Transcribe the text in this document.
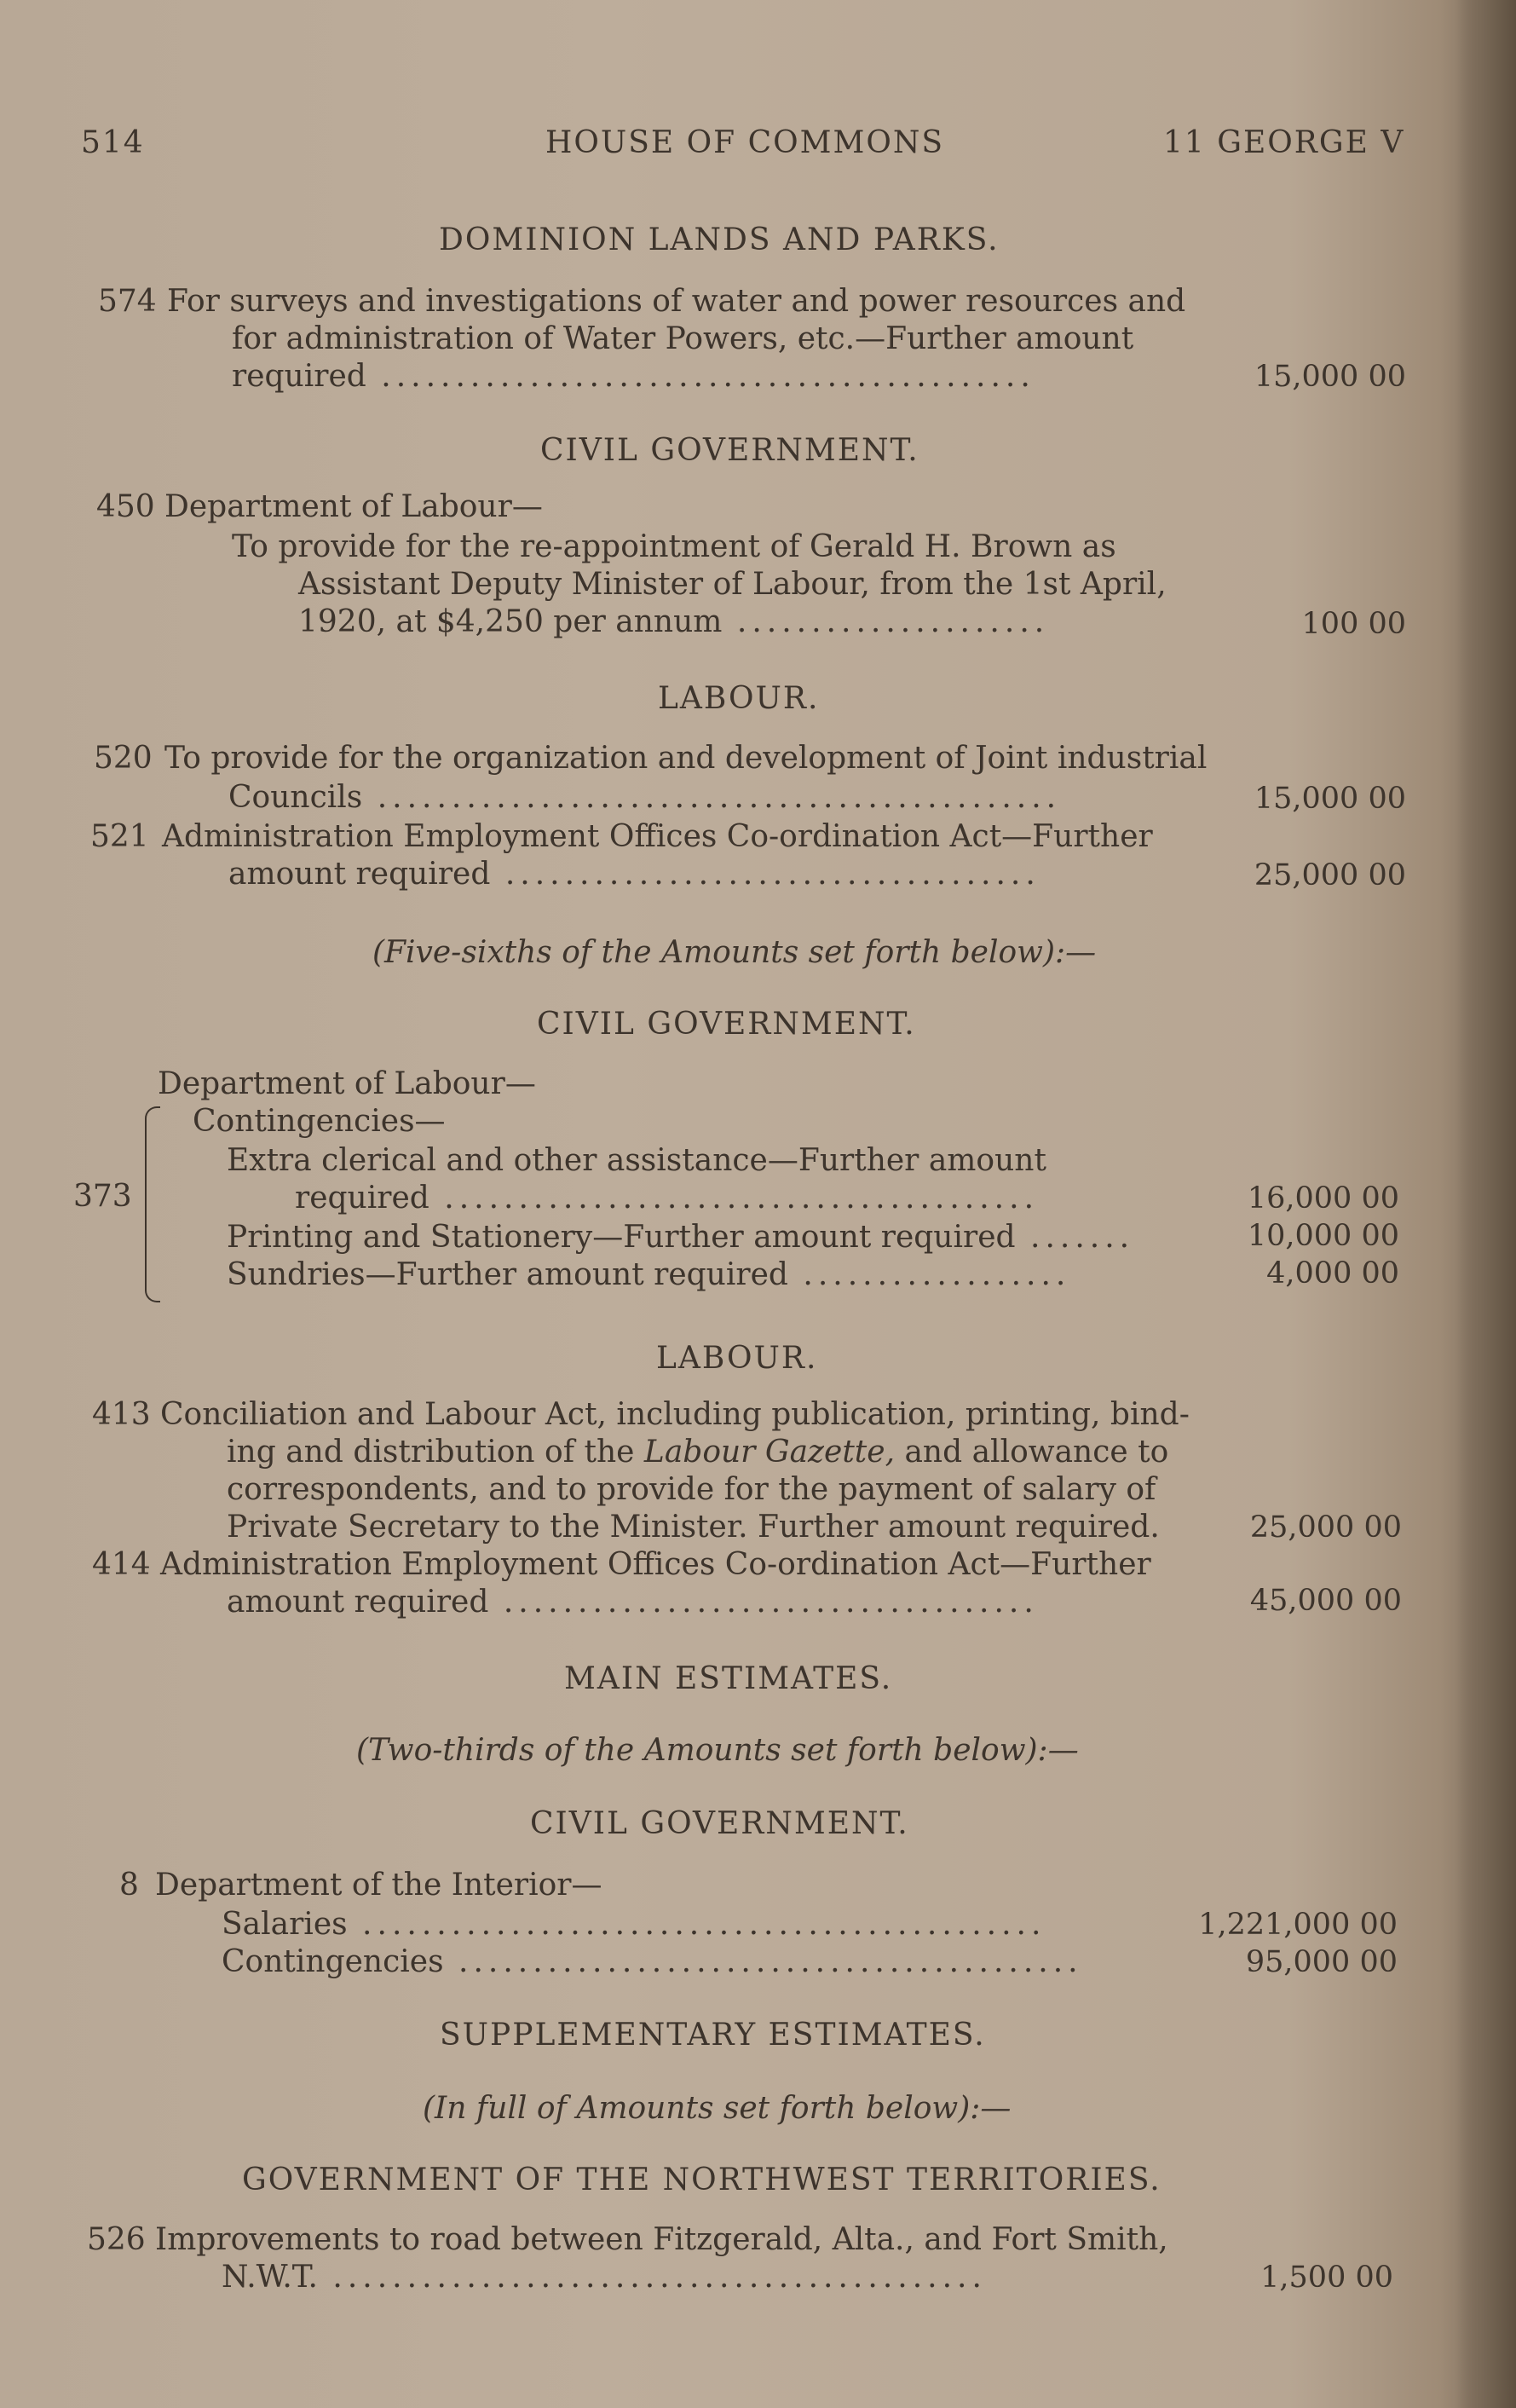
514	HOUSE OF COMMONS	11 GEORGE V
DOMINION LANDS AND PARKS.
574 For surveys and investigations of water and power resources and
for administration of Water Powers, etc.—Further amount
required ............................................	15,000 00
CIVIL GOVERNMENT.
450 Department of Labour—
To provide for the re-appointment of Gerald H. Brown as
Assistant Deputy Minister of Labour, from the 1st April,
1920, at $4,250 per annum .....................	100 00
LABOUR.
520 To provide for the organization and development of Joint industrial
Councils ..............................................	15,000 00
521 Administration Employment Offices Co-ordination Act—Further
amount required ....................................	25,000 00
(Five-sixths of the Amounts set forth below):—
CIVIL GOVERNMENT.
Department of Labour—
373
Contingencies—
Extra clerical and other assistance—Further amount
required ........................................	16,000 00
Printing and Stationery—Further amount required .......	10,000 00
Sundries—Further amount required ..................	4,000 00
LABOUR.
413 Conciliation and Labour Act, including publication, printing, bind-
ing and distribution of the Labour Gazette, and allowance to
correspondents, and to provide for the payment of salary of
Private Secretary to the Minister. Further amount required.	25,000 00
414 Administration Employment Offices Co-ordination Act—Further
amount required ....................................	45,000 00
MAIN ESTIMATES.
(Two-thirds of the Amounts set forth below):—
CIVIL GOVERNMENT.
8 Department of the Interior—
Salaries ..............................................	1,221,000 00
Contingencies ..........................................	95,000 00
SUPPLEMENTARY ESTIMATES.
(In full of Amounts set forth below):—
GOVERNMENT OF THE NORTHWEST TERRITORIES.
526 Improvements to road between Fitzgerald, Alta., and Fort Smith,
N.W.T. ............................................	1,500 00
